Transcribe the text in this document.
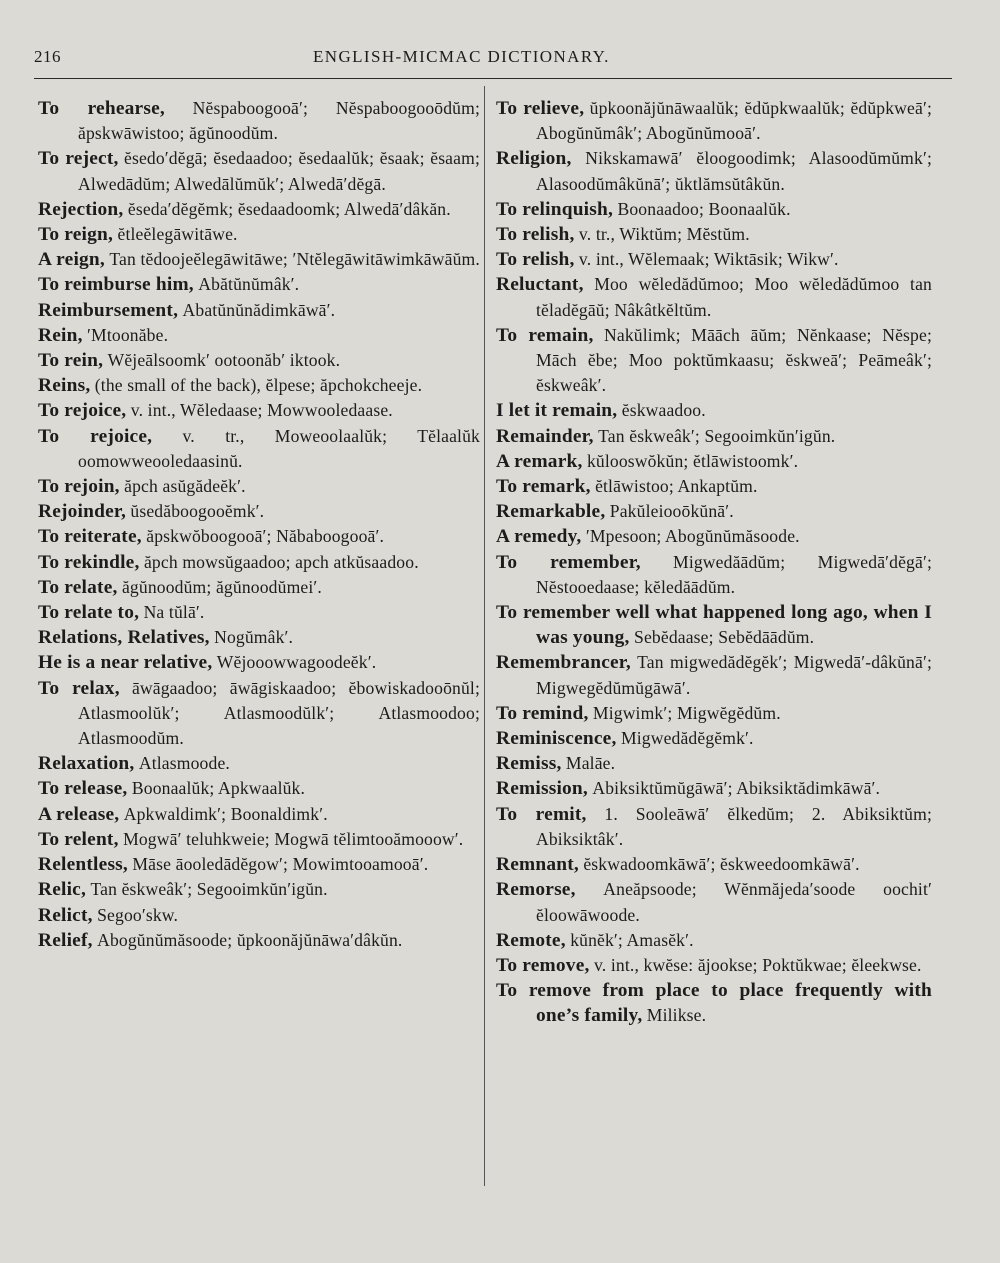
216	ENGLISH-MICMAC DICTIONARY.

To rehearse, Nĕspaboogooā′; Nĕspaboogooōdŭm; ăpskwāwistoo; ăgŭnoodŭm.

To reject, ĕsedo′dĕgā; ĕsedaadoo; ĕsedaalŭk; ĕsaak; ĕsaam; Alwedādŭm; Alwedālŭmŭk′; Alwedā′dĕgā.

Rejection, ĕseda′dĕgĕmk; ĕsedaadoomk; Alwedā′dâkăn.

To reign, ĕtleĕlegāwitāwe.

A reign, Tan tĕdoojeĕlegāwitāwe; ′Ntĕlegāwitāwimkāwāŭm.

To reimburse him, Abătŭnŭmâk′.

Reimbursement, Abatŭnŭnădimkāwā′.

Rein, ′Mtoonăbe.

To rein, Wĕjeālsoomk′ ootoonăb′ iktook.

Reins, (the small of the back), ĕlpese; ăpchokcheeje.

To rejoice, v. int., Wĕledaase; Mowwooledaase.

To rejoice, v. tr., Moweoolaalŭk; Tĕlaalŭk oomowweooledaasinŭ.

To rejoin, ăpch asŭgădeĕk′.

Rejoinder, ŭsedăboogooĕmk′.

To reiterate, ăpskwŏboogooā′; Năbaboogooā′.

To rekindle, ăpch mowsŭgaadoo; apch atkŭsaadoo.

To relate, ăgŭnoodŭm; ăgŭnoodŭmei′.

To relate to, Na tŭlā′.

Relations, Relatives, Nogŭmâk′.

He is a near relative, Wĕjooowwagoodeĕk′.

To relax, āwāgaadoo; āwāgiskaadoo; ĕbowiskadooōnŭl; Atlasmoolŭk′; Atlasmoodŭlk′; Atlasmoodoo; Atlasmoodŭm.

Relaxation, Atlasmoode.

To release, Boonaalŭk; Apkwaalŭk.

A release, Apkwaldimk′; Boonaldimk′.

To relent, Mogwā′ teluhkweie; Mogwā tĕlimtooămooow′.

Relentless, Māse āooledādĕgow′; Mowimtooamooā′.

Relic, Tan ĕskweâk′; Segooimkŭn′igŭn.

Relict, Segoo′skw.

Relief, Abogŭnŭmăsoode; ŭpkoonăjŭnāwa′dâkŭn.

To relieve, ŭpkoonăjŭnāwaalŭk; ĕdŭpkwaalŭk; ĕdŭpkweā′; Abogŭnŭmâk′; Abogŭnŭmooā′.

Religion, Nikskamawā′ ĕloogoodimk; Alasoodŭmŭmk′; Alasoodŭmâkŭnā′; ŭktlămsŭtâkŭn.

To relinquish, Boonaadoo; Boonaalŭk.

To relish, v. tr., Wiktŭm; Mĕstŭm.

To relish, v. int., Wĕlemaak; Wiktāsik; Wikw′.

Reluctant, Moo wĕledădŭmoo; Moo wĕledădŭmoo tan tĕladĕgāŭ; Nâkâtkĕltŭm.

To remain, Nakŭlimk; Māāch āŭm; Nĕnkaase; Nĕspe; Māch ĕbe; Moo poktŭmkaasu; ĕskweā′; Peāmeâk′; ĕskweâk′.

I let it remain, ĕskwaadoo.

Remainder, Tan ĕskweâk′; Segooimkŭn′igŭn.

A remark, kŭlooswŏkŭn; ĕtlāwistoomk′.

To remark, ĕtlāwistoo; Ankaptŭm.

Remarkable, Pakŭleiooōkŭnā′.

A remedy, ′Mpesoon; Abogŭnŭmăsoode.

To remember, Migwedăādŭm; Migwedā′dĕgā′; Nĕstooedaase; kĕledăādŭm.

To remember well what happened long ago, when I was young, Sebĕdaase; Sebĕdāādŭm.

Remembrancer, Tan migwedădĕgĕk′; Migwedā′-dâkŭnā′; Migwegĕdŭmŭgāwā′.

To remind, Migwimk′; Migwĕgĕdŭm.

Reminiscence, Migwedădĕgĕmk′.

Remiss, Malāe.

Remission, Abiksiktŭmŭgāwā′; Abiksiktădimkāwā′.

To remit, 1. Sooleāwā′ ĕlkedŭm; 2. Abiksiktŭm; Abiksiktâk′.

Remnant, ĕskwadoomkāwā′; ĕskweedoomkāwā′.

Remorse, Aneăpsoode; Wĕnmăjeda′soode oochit′ ĕloowāwoode.

Remote, kŭnĕk′; Amasĕk′.

To remove, v. int., kwĕse: ăjookse; Poktŭkwae; ĕleekwse.

To remove from place to place frequently with one’s family, Milikse.
